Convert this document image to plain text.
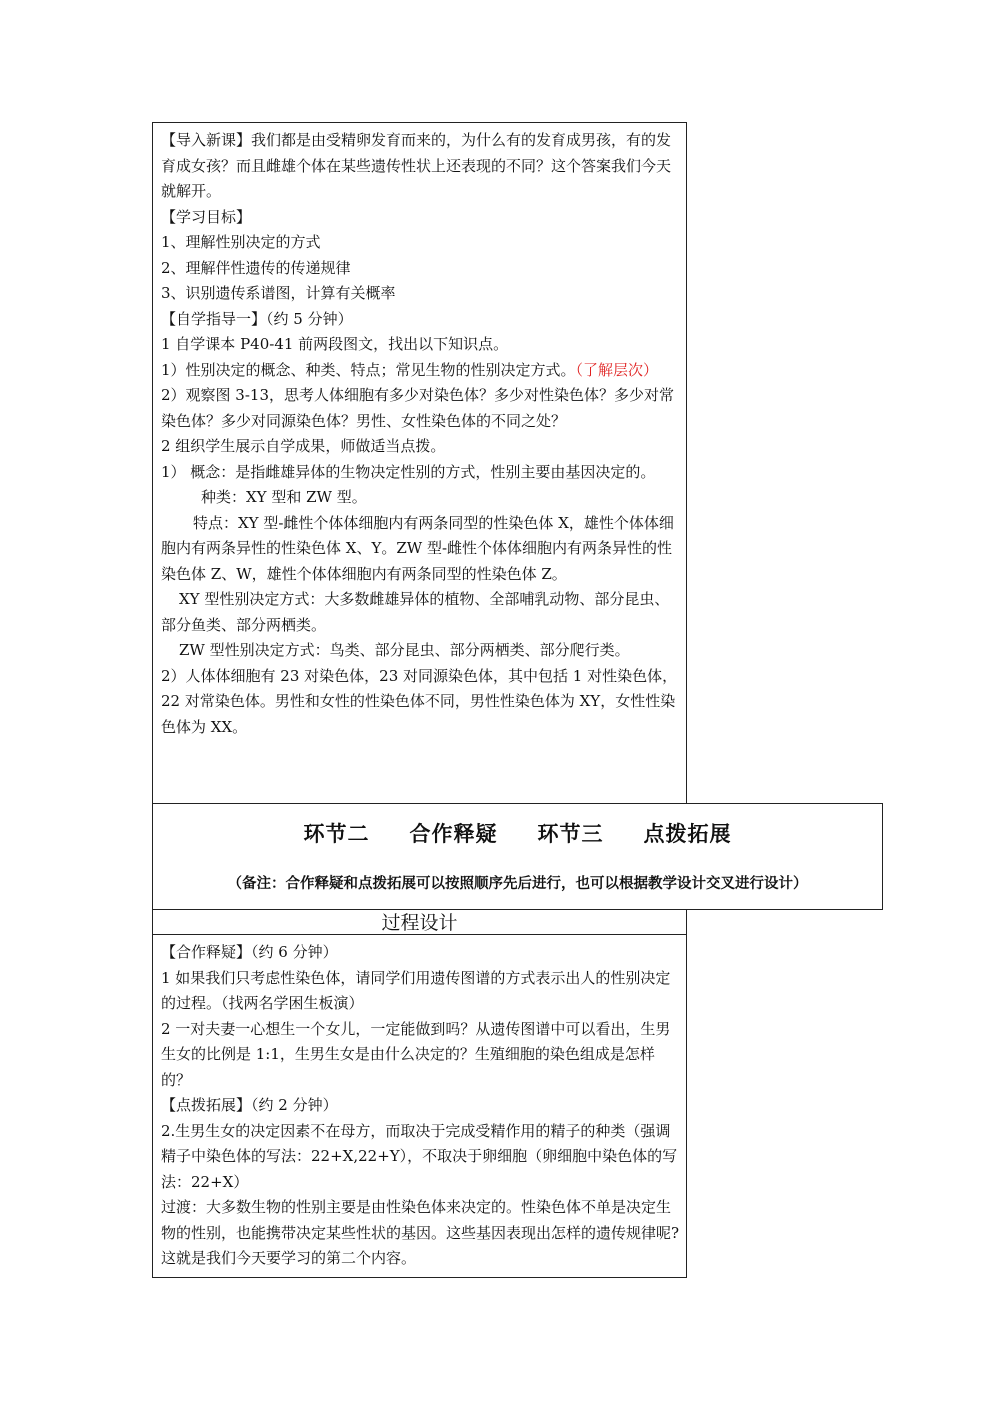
【导入新课】我们都是由受精卵发育而来的，为什么有的发育成男孩，有的发育成女孩？而且雌雄个体在某些遗传性状上还表现的不同？这个答案我们今天就解开。

【学习目标】

1、理解性别决定的方式

2、理解伴性遗传的传递规律

3、识别遗传系谱图，计算有关概率

【自学指导一】（约 5 分钟）

1 自学课本 P40-41 前两段图文，找出以下知识点。

1）性别决定的概念、种类、特点；常见生物的性别决定方式。（了解层次）

2）观察图 3-13，思考人体细胞有多少对染色体？多少对性染色体？多少对常染色体？多少对同源染色体？男性、女性染色体的不同之处？

2 组织学生展示自学成果，师做适当点拨。

1） 概念：是指雌雄异体的生物决定性别的方式，性别主要由基因决定的。

种类：XY 型和 ZW 型。

特点：XY 型-雌性个体体细胞内有两条同型的性染色体 X，雄性个体体细胞内有两条异性的性染色体 X、Y。ZW 型-雌性个体体细胞内有两条异性的性染色体 Z、W，雄性个体体细胞内有两条同型的性染色体 Z。

XY 型性别决定方式：大多数雌雄异体的植物、全部哺乳动物、部分昆虫、部分鱼类、部分两栖类。

ZW 型性别决定方式：鸟类、部分昆虫、部分两栖类、部分爬行类。

2）人体体细胞有 23 对染色体，23 对同源染色体，其中包括 1 对性染色体，22 对常染色体。男性和女性的性染色体不同，男性性染色体为 XY，女性性染色体为 XX。

环节二 合作释疑 环节三 点拨拓展
（备注：合作释疑和点拨拓展可以按照顺序先后进行，也可以根据教学设计交叉进行设计）
过程设计

【合作释疑】（约 6 分钟）

1 如果我们只考虑性染色体，请同学们用遗传图谱的方式表示出人的性别决定的过程。（找两名学困生板演）

2 一对夫妻一心想生一个女儿，一定能做到吗？从遗传图谱中可以看出，生男生女的比例是 1:1，生男生女是由什么决定的？生殖细胞的染色组成是怎样的？

【点拨拓展】（约 2 分钟）

2.生男生女的决定因素不在母方，而取决于完成受精作用的精子的种类（强调精子中染色体的写法：22+X,22+Y），不取决于卵细胞（卵细胞中染色体的写法：22+X）

过渡：大多数生物的性别主要是由性染色体来决定的。性染色体不单是决定生物的性别，也能携带决定某些性状的基因。这些基因表现出怎样的遗传规律呢?这就是我们今天要学习的第二个内容。
